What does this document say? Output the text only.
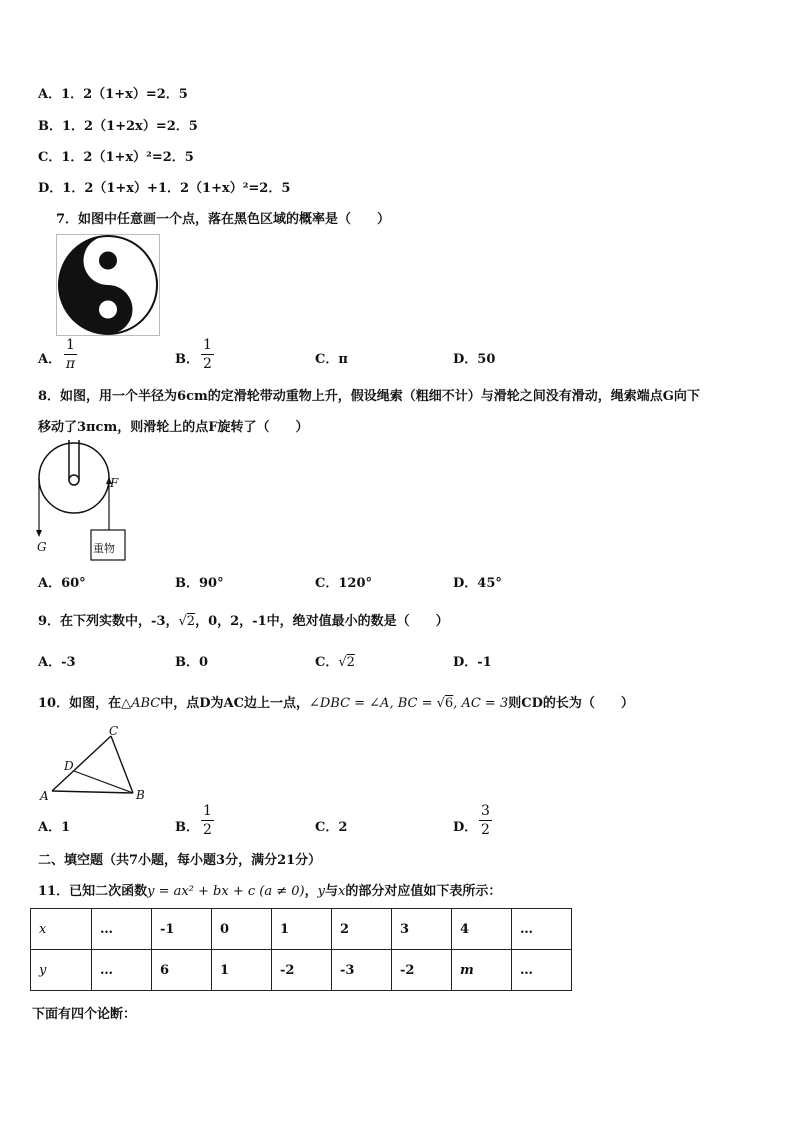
A．1．2（1+x）=2．5
B．1．2（1+2x）=2．5
C．1．2（1+x）²=2．5
D．1．2（1+x）+1．2（1+x）²=2．5
7．如图中任意画一个点，落在黑色区域的概率是（　　）
A． $\frac{1}{\pi}$	B． $\frac{1}{2}$	C．π	D．50
8．如图，用一个半径为6cm的定滑轮带动重物上升，假设绳索（粗细不计）与滑轮之间没有滑动，绳索端点G向下
移动了3πcm，则滑轮上的点F旋转了（　　）
F
G	重物
A．60°	B．90°	C．120°	D．45°
9．在下列实数中，-3，√2，0，2，-1中，绝对值最小的数是（　　）
A．-3	B．0	C．√2	D．-1
10．如图，在△ABC中，点D为AC边上一点，∠DBC = ∠A, BC = √6, AC = 3则CD的长为（　　）
C
D
A	B
A．1	B． $\frac{1}{2}$	C．2	D． $\frac{3}{2}$
二、填空题（共7小题，每小题3分，满分21分）
11．已知二次函数y = ax² + bx + c (a ≠ 0)，y与x的部分对应值如下表所示：
x	…	-1	0	1	2	3	4	…
y	…	6	1	-2	-3	-2	m	…
下面有四个论断：
